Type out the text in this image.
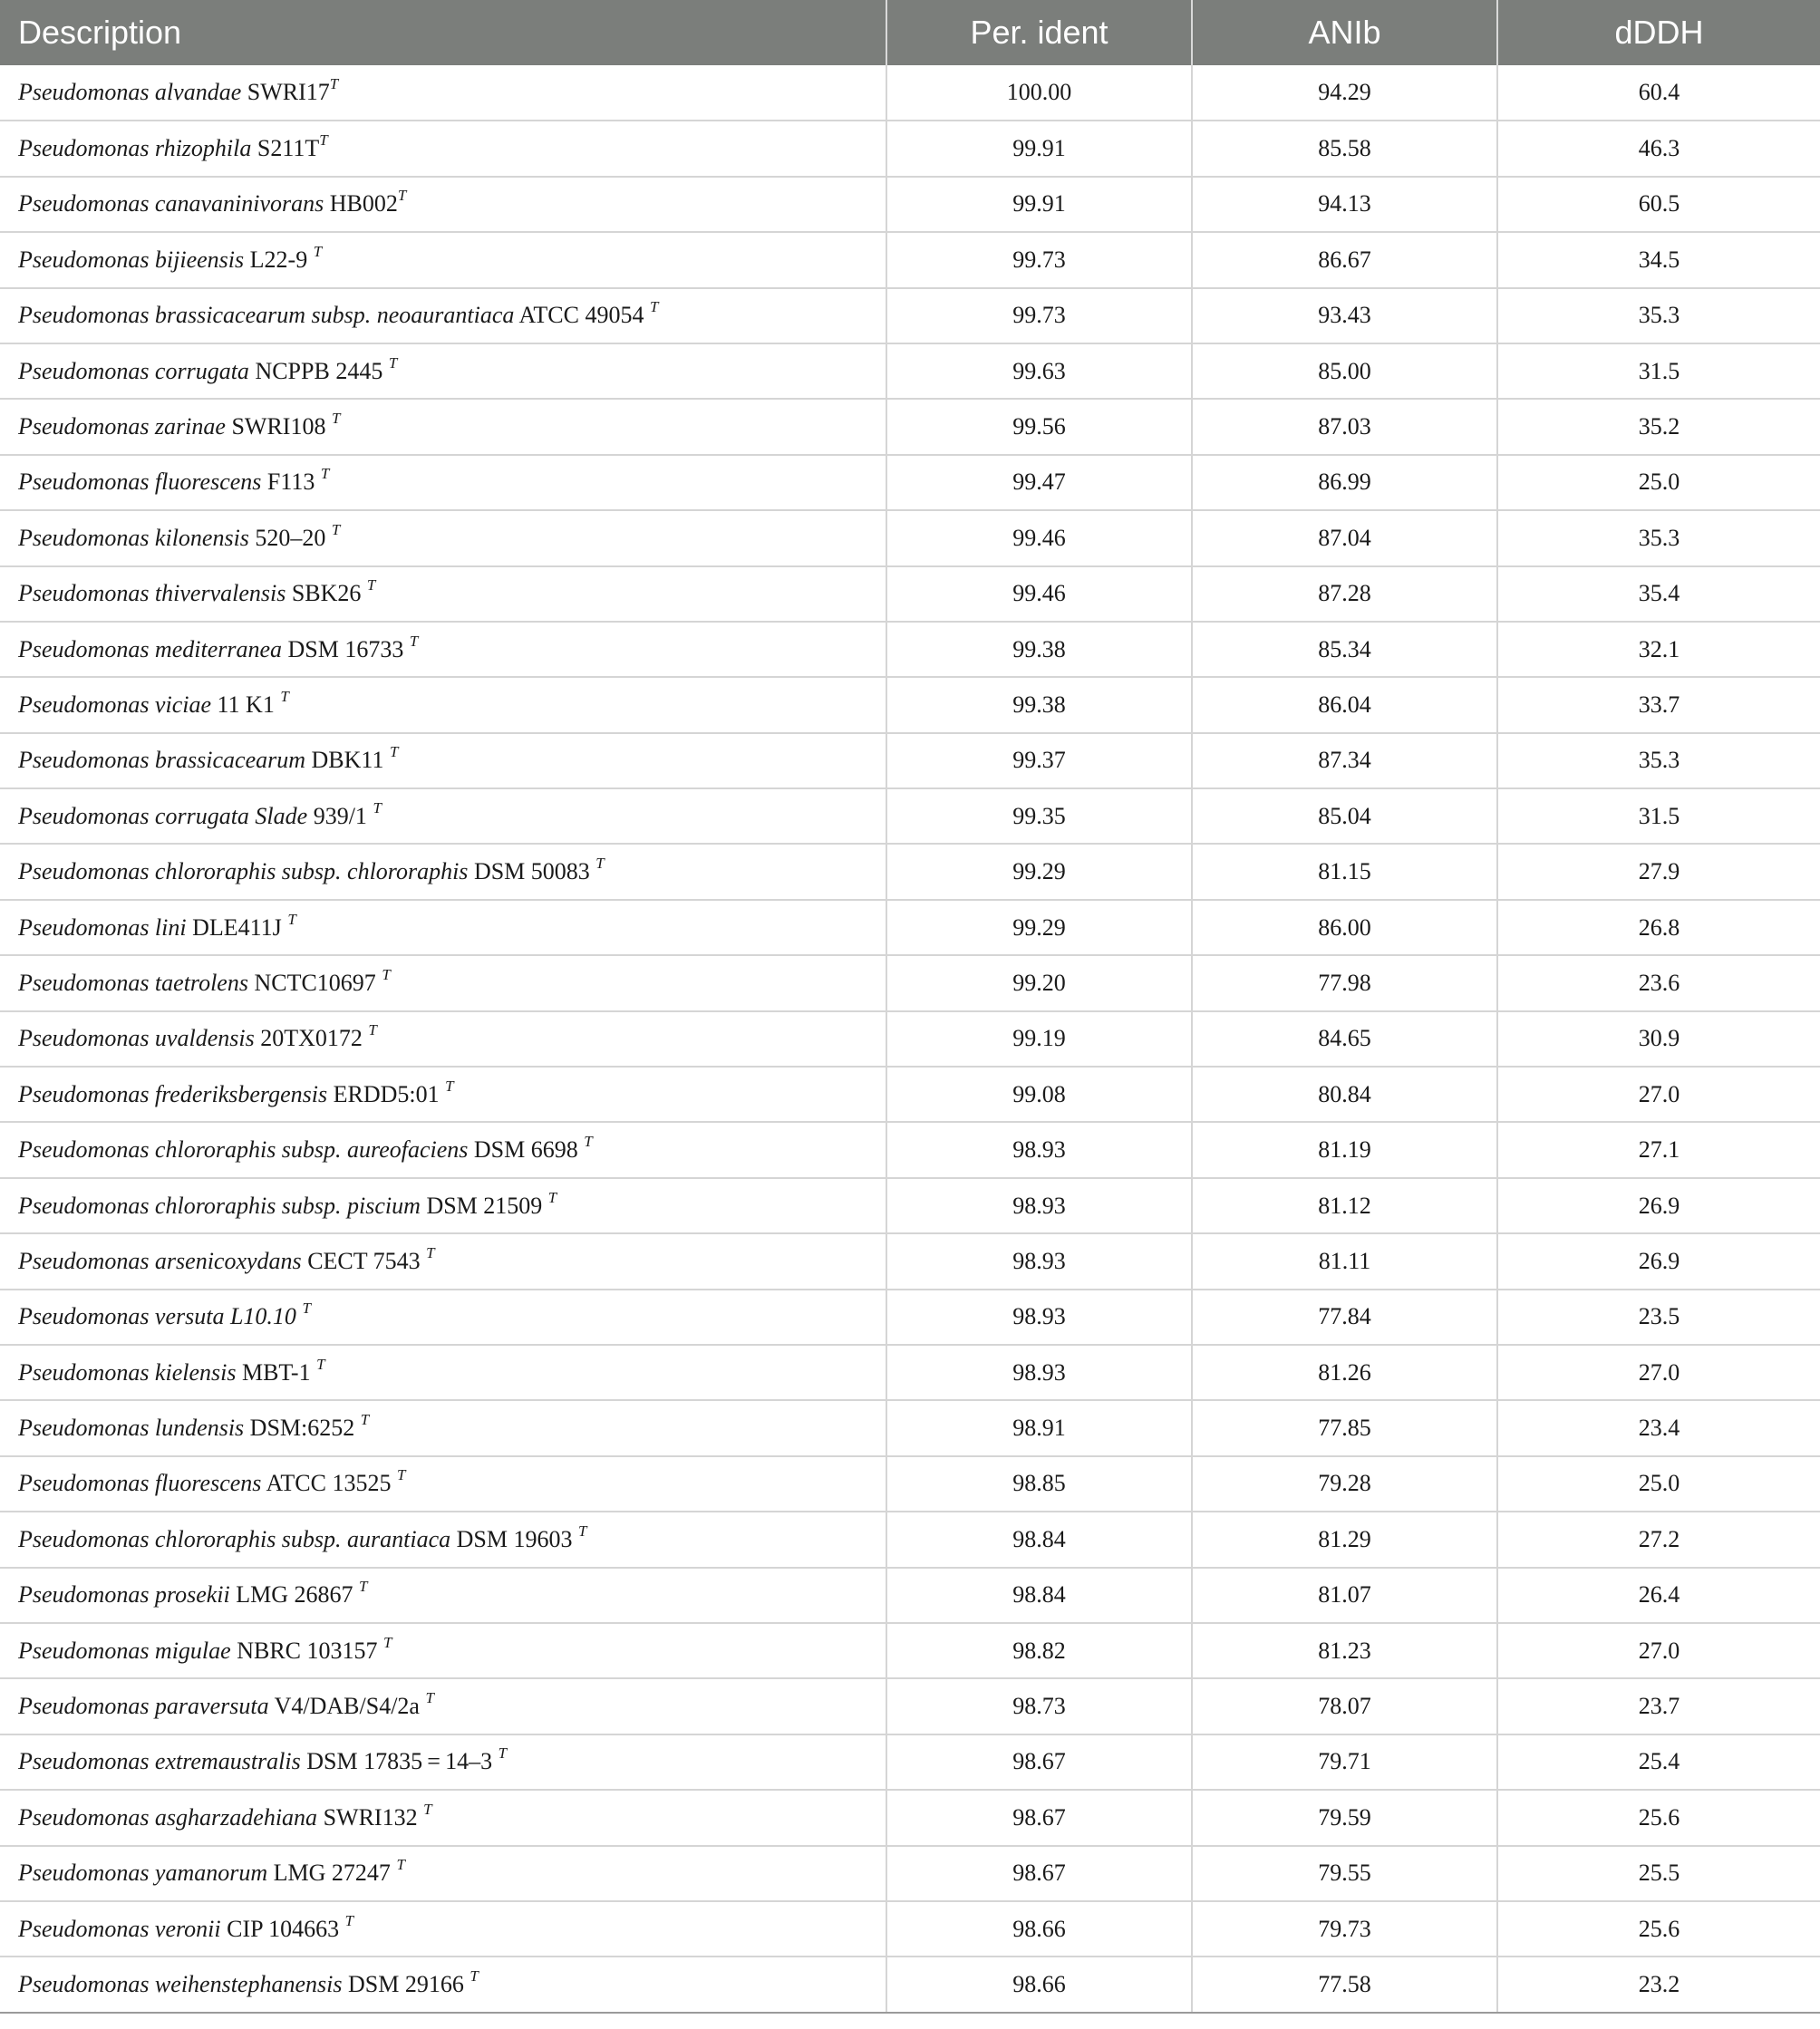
Description	Per. ident	ANIb	dDDH
Pseudomonas alvandae $SWRI17^T$	100.00	94.29	60.4
Pseudomonas rhizophila $S211T^T$	99.91	85.58	46.3
Pseudomonas canavaninivorans $HB002^T$	99.91	94.13	60.5
Pseudomonas bijieensis L22-9 $^T$	99.73	86.67	34.5
Pseudomonas brassicacearum subsp. neoaurantiaca ATCC 49054 $^T$	99.73	93.43	35.3
Pseudomonas corrugata NCPPB 2445 $^T$	99.63	85.00	31.5
Pseudomonas zarinae SWRI108 $^T$	99.56	87.03	35.2
Pseudomonas fluorescens F113 $^T$	99.47	86.99	25.0
Pseudomonas kilonensis 520–20 $^T$	99.46	87.04	35.3
Pseudomonas thivervalensis SBK26 $^T$	99.46	87.28	35.4
Pseudomonas mediterranea DSM 16733 $^T$	99.38	85.34	32.1
Pseudomonas viciae 11 K1 $^T$	99.38	86.04	33.7
Pseudomonas brassicacearum DBK11 $^T$	99.37	87.34	35.3
Pseudomonas corrugata Slade 939/1 $^T$	99.35	85.04	31.5
Pseudomonas chlororaphis subsp. chlororaphis DSM 50083 $^T$	99.29	81.15	27.9
Pseudomonas lini DLE411J $^T$	99.29	86.00	26.8
Pseudomonas taetrolens NCTC10697 $^T$	99.20	77.98	23.6
Pseudomonas uvaldensis 20TX0172 $^T$	99.19	84.65	30.9
Pseudomonas frederiksbergensis ERDD5:01 $^T$	99.08	80.84	27.0
Pseudomonas chlororaphis subsp. aureofaciens DSM 6698 $^T$	98.93	81.19	27.1
Pseudomonas chlororaphis subsp. piscium DSM 21509 $^T$	98.93	81.12	26.9
Pseudomonas arsenicoxydans CECT 7543 $^T$	98.93	81.11	26.9
Pseudomonas versuta L10.10 $^T$	98.93	77.84	23.5
Pseudomonas kielensis MBT-1 $^T$	98.93	81.26	27.0
Pseudomonas lundensis DSM:6252 $^T$	98.91	77.85	23.4
Pseudomonas fluorescens ATCC 13525 $^T$	98.85	79.28	25.0
Pseudomonas chlororaphis subsp. aurantiaca DSM 19603 $^T$	98.84	81.29	27.2
Pseudomonas prosekii LMG 26867 $^T$	98.84	81.07	26.4
Pseudomonas migulae NBRC 103157 $^T$	98.82	81.23	27.0
Pseudomonas paraversuta V4/DAB/S4/2a $^T$	98.73	78.07	23.7
Pseudomonas extremaustralis DSM 17835 = 14–3 $^T$	98.67	79.71	25.4
Pseudomonas asgharzadehiana SWRI132 $^T$	98.67	79.59	25.6
Pseudomonas yamanorum LMG 27247 $^T$	98.67	79.55	25.5
Pseudomonas veronii CIP 104663 $^T$	98.66	79.73	25.6
Pseudomonas weihenstephanensis DSM 29166 $^T$	98.66	77.58	23.2
